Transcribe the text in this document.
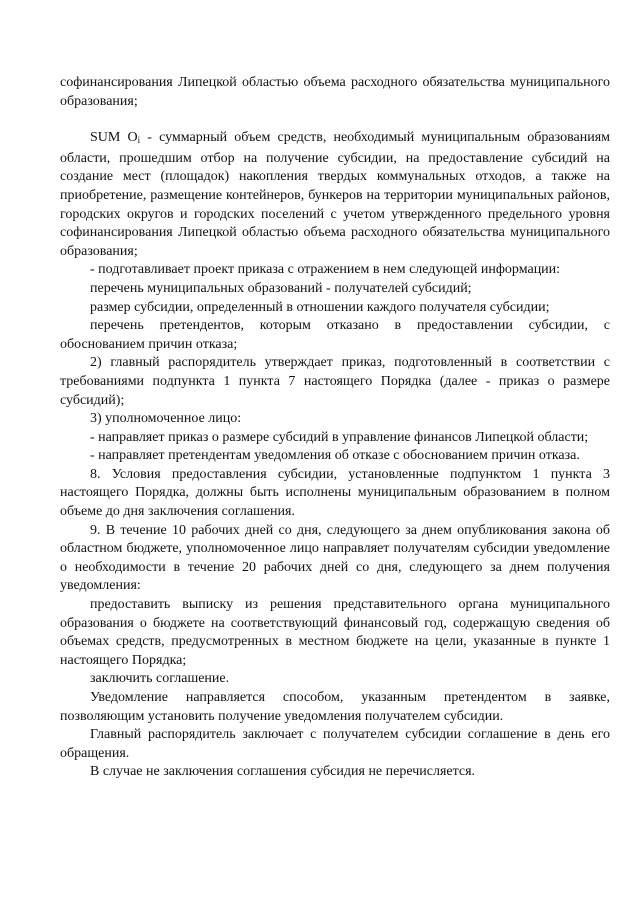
софинансирования Липецкой областью объема расходного обязательства муниципального образования;

SUM $O_i$ - суммарный объем средств, необходимый муниципальным образованиям области, прошедшим отбор на получение субсидии, на предоставление субсидий на создание мест (площадок) накопления твердых коммунальных отходов, а также на приобретение, размещение контейнеров, бункеров на территории муниципальных районов, городских округов и городских поселений с учетом утвержденного предельного уровня софинансирования Липецкой областью объема расходного обязательства муниципального образования;

- подготавливает проект приказа с отражением в нем следующей информации:

перечень муниципальных образований - получателей субсидий;

размер субсидии, определенный в отношении каждого получателя субсидии;

перечень претендентов, которым отказано в предоставлении субсидии, с обоснованием причин отказа;

2) главный распорядитель утверждает приказ, подготовленный в соответствии с требованиями подпункта 1 пункта 7 настоящего Порядка (далее - приказ о размере субсидий);

3) уполномоченное лицо:

- направляет приказ о размере субсидий в управление финансов Липецкой области;

- направляет претендентам уведомления об отказе с обоснованием причин отказа.

8. Условия предоставления субсидии, установленные подпунктом 1 пункта 3 настоящего Порядка, должны быть исполнены муниципальным образованием в полном объеме до дня заключения соглашения.

9. В течение 10 рабочих дней со дня, следующего за днем опубликования закона об областном бюджете, уполномоченное лицо направляет получателям субсидии уведомление о необходимости в течение 20 рабочих дней со дня, следующего за днем получения уведомления:

предоставить выписку из решения представительного органа муниципального образования о бюджете на соответствующий финансовый год, содержащую сведения об объемах средств, предусмотренных в местном бюджете на цели, указанные в пункте 1 настоящего Порядка;

заключить соглашение.

Уведомление направляется способом, указанным претендентом в заявке, позволяющим установить получение уведомления получателем субсидии.

Главный распорядитель заключает с получателем субсидии соглашение в день его обращения.

В случае не заключения соглашения субсидия не перечисляется.
